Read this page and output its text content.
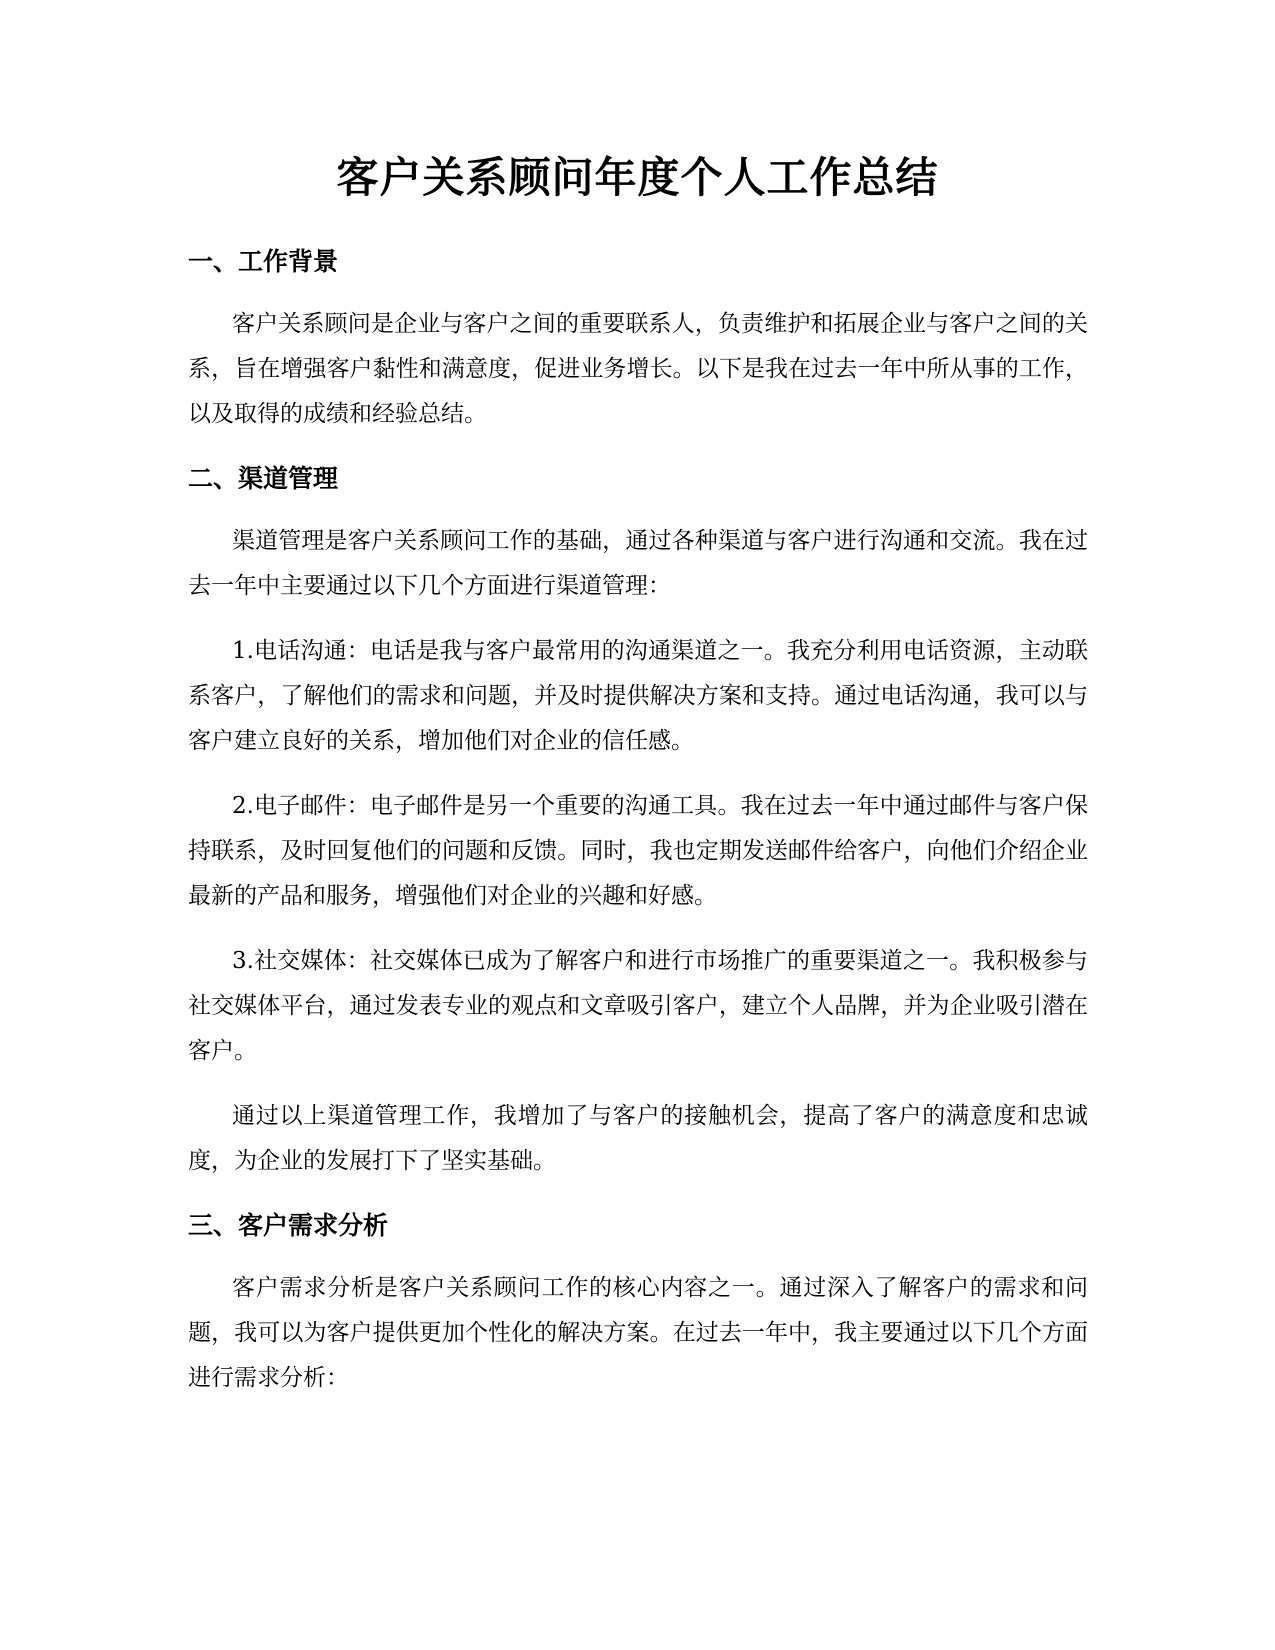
客户关系顾问年度个人工作总结
一、工作背景

客户关系顾问是企业与客户之间的重要联系人，负责维护和拓展企业与客户之间的关系，旨在增强客户黏性和满意度，促进业务增长。以下是我在过去一年中所从事的工作，以及取得的成绩和经验总结。

二、渠道管理

渠道管理是客户关系顾问工作的基础，通过各种渠道与客户进行沟通和交流。我在过去一年中主要通过以下几个方面进行渠道管理：

1.电话沟通：电话是我与客户最常用的沟通渠道之一。我充分利用电话资源，主动联系客户，了解他们的需求和问题，并及时提供解决方案和支持。通过电话沟通，我可以与客户建立良好的关系，增加他们对企业的信任感。

2.电子邮件：电子邮件是另一个重要的沟通工具。我在过去一年中通过邮件与客户保持联系，及时回复他们的问题和反馈。同时，我也定期发送邮件给客户，向他们介绍企业最新的产品和服务，增强他们对企业的兴趣和好感。

3.社交媒体：社交媒体已成为了解客户和进行市场推广的重要渠道之一。我积极参与社交媒体平台，通过发表专业的观点和文章吸引客户，建立个人品牌，并为企业吸引潜在客户。

通过以上渠道管理工作，我增加了与客户的接触机会，提高了客户的满意度和忠诚度，为企业的发展打下了坚实基础。

三、客户需求分析

客户需求分析是客户关系顾问工作的核心内容之一。通过深入了解客户的需求和问题，我可以为客户提供更加个性化的解决方案。在过去一年中，我主要通过以下几个方面进行需求分析：
